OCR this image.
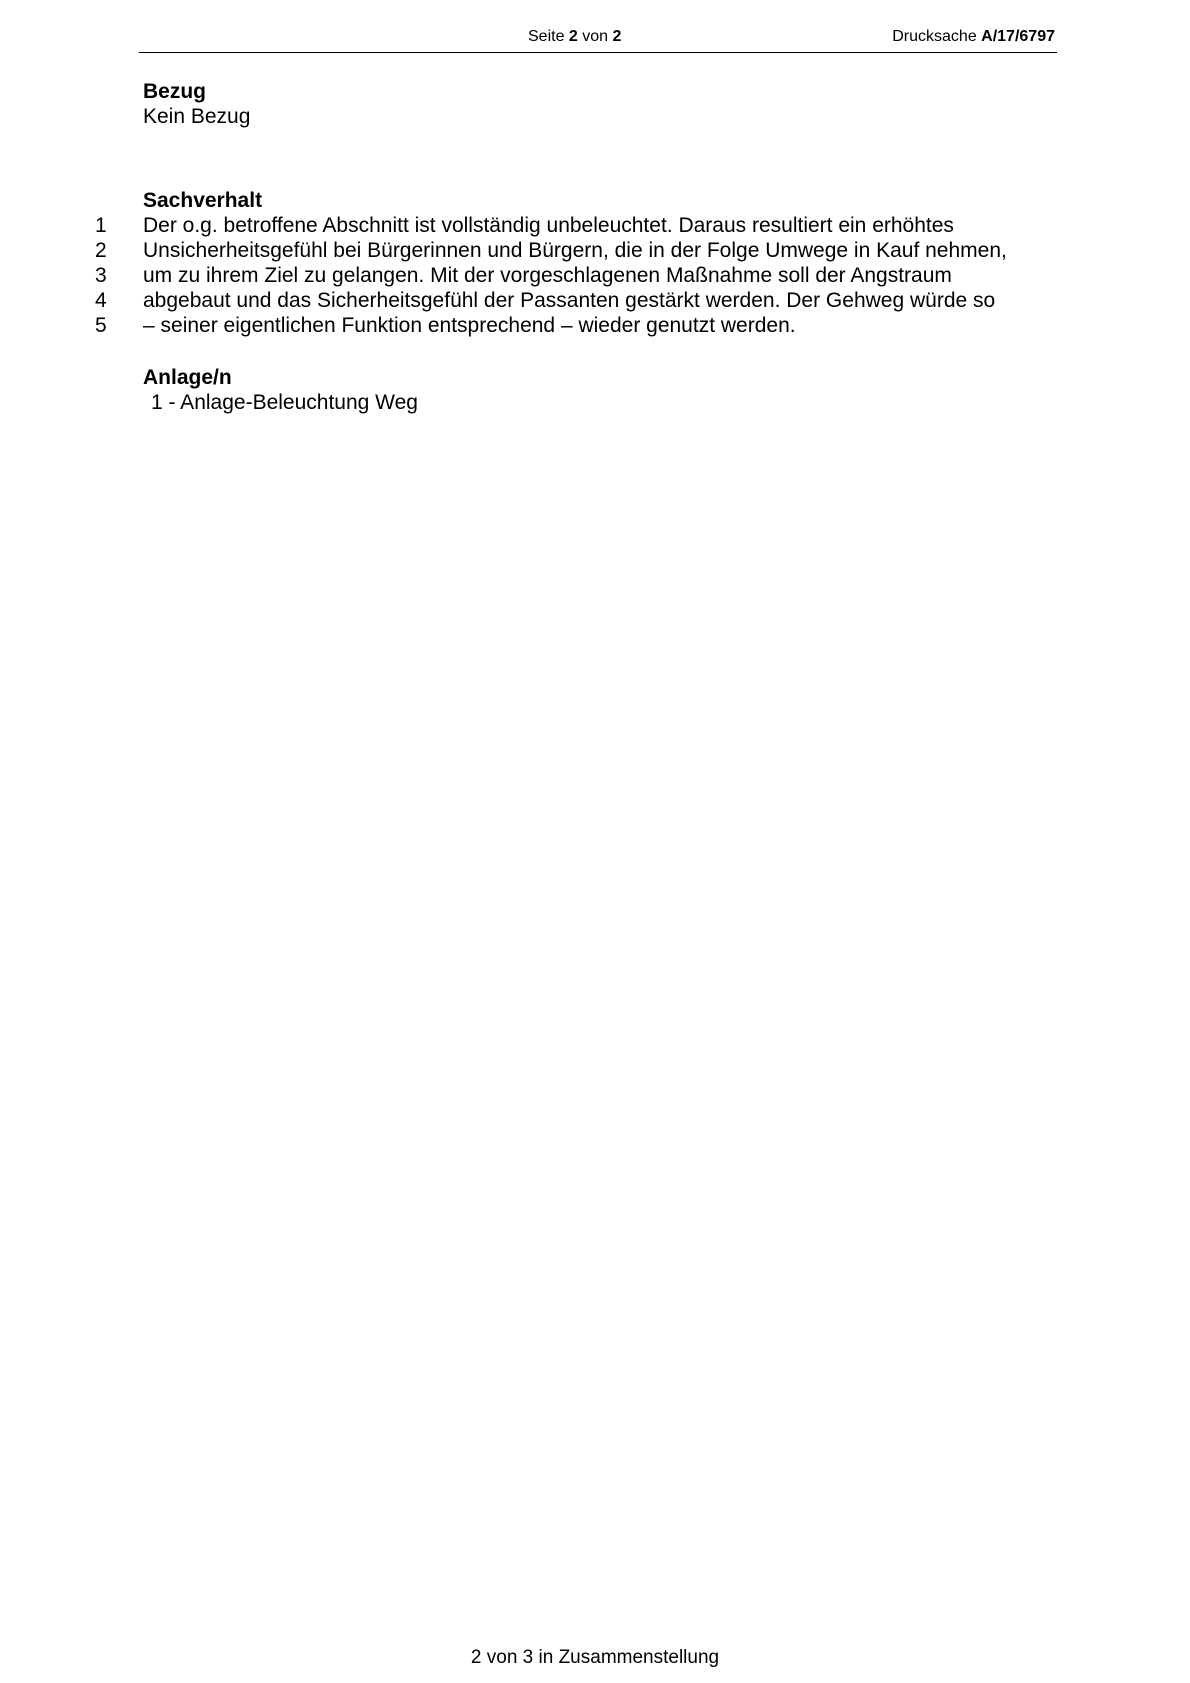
Seite 2 von 2	Drucksache A/17/6797
Bezug
Kein Bezug
Sachverhalt
1 Der o.g. betroffene Abschnitt ist vollständig unbeleuchtet. Daraus resultiert ein erhöhtes
2 Unsicherheitsgefühl bei Bürgerinnen und Bürgern, die in der Folge Umwege in Kauf nehmen,
3 um zu ihrem Ziel zu gelangen. Mit der vorgeschlagenen Maßnahme soll der Angstraum
4 abgebaut und das Sicherheitsgefühl der Passanten gestärkt werden. Der Gehweg würde so
5 – seiner eigentlichen Funktion entsprechend – wieder genutzt werden.
Anlage/n
1 - Anlage-Beleuchtung Weg
2 von 3 in Zusammenstellung
